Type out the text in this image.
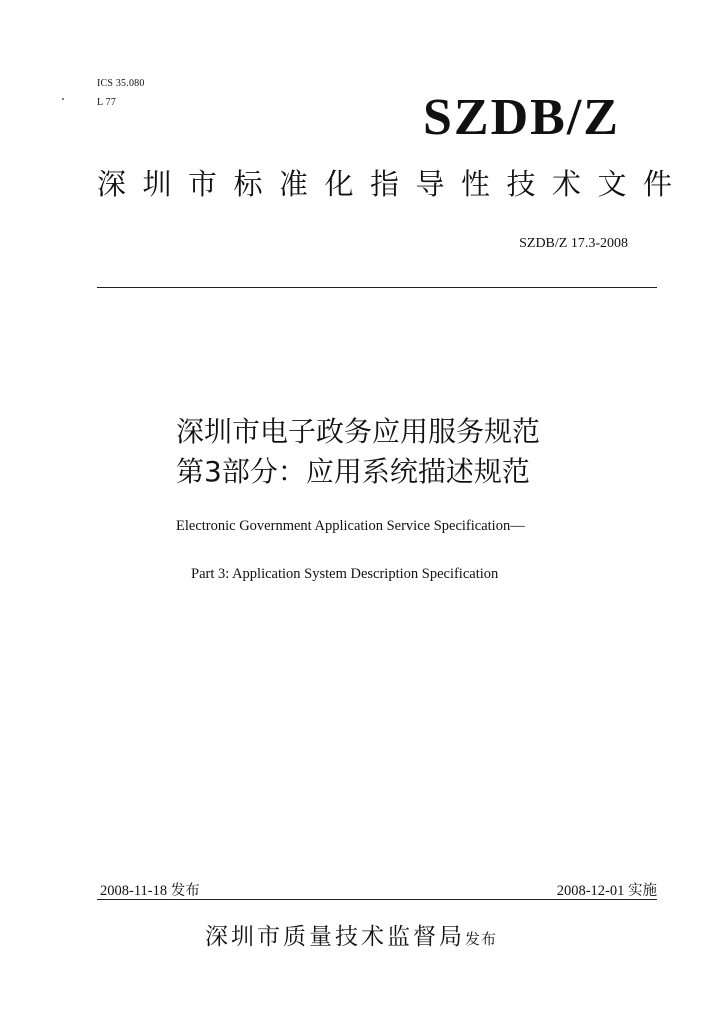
ICS 35.080
L 77	SZDB/Z
深圳市标准化指导性技术文件
SZDB/Z 17.3-2008
深圳市电子政务应用服务规范
第3部分：应用系统描述规范
Electronic Government Application Service Specification—
Part 3: Application System Description Specification
2008-11-18 发布	2008-12-01 实施
深圳市质量技术监督局发布
